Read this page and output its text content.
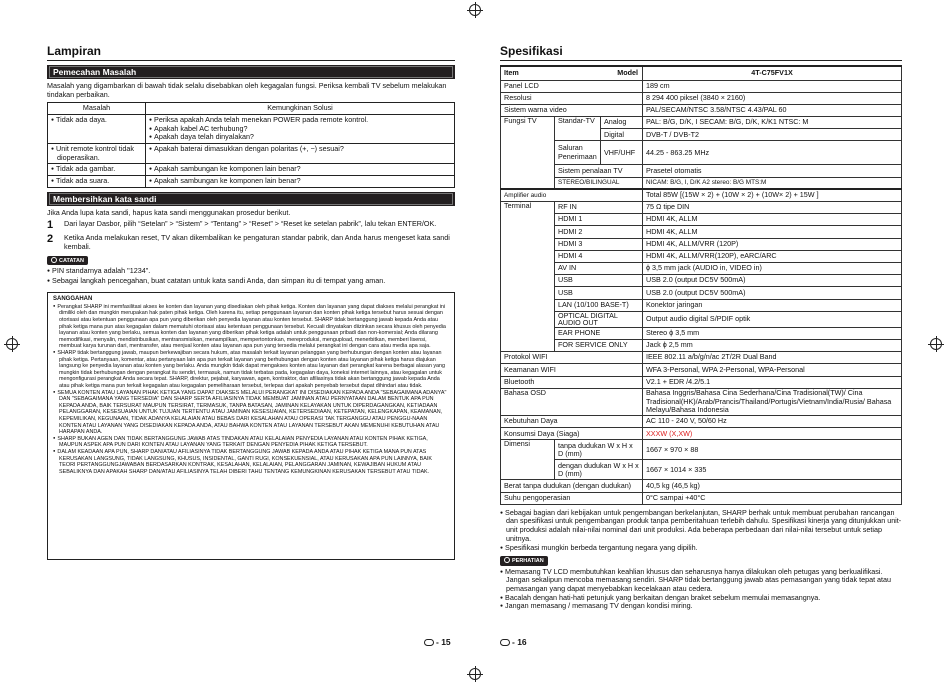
Lampiran
Pemecahan Masalah
Masalah yang digambarkan di bawah tidak selalu disebabkan oleh kegagalan fungsi. Periksa kembali TV sebelum melakukan tindakan perbaikan.
Masalah	Kemungkinan Solusi

● Tidak ada daya.	● Periksa apakah Anda telah menekan POWER pada remote kontrol.
● Apakah kabel AC terhubung?
● Apakah daya telah dinyalakan?

● Unit remote kontrol tidak dioperasikan.	● Apakah baterai dimasukkan dengan polaritas (+, −) sesuai?

● Tidak ada gambar.	● Apakah sambungan ke komponen lain benar?

● Tidak ada suara.	● Apakah sambungan ke komponen lain benar?
Membersihkan kata sandi
Jika Anda lupa kata sandi, hapus kata sandi menggunakan prosedur berikut.
1	Dari layar Dasbor, pilih “Setelan” > “Sistem” > “Tentang” > “Reset” > “Reset ke setelan pabrik”, lalu tekan ENTER/OK.
2	Ketika Anda melakukan reset, TV akan dikembalikan ke pengaturan standar pabrik, dan Anda harus mengeset kata sandi kembali.
CATATAN
● PIN standarnya adalah "1234".
● Sebagai langkah pencegahan, buat catatan untuk kata sandi Anda, dan simpan itu di tempat yang aman.
SANGGAHAN
● Perangkat SHARP ini memfasilitasi akses ke konten dan layanan yang disediakan oleh pihak ketiga. Konten dan layanan yang dapat diakses melalui perangkat ini dimiliki oleh dan mungkin merupakan hak paten pihak ketiga. Oleh karena itu, setiap penggunaan layanan dan konten pihak ketiga tersebut harus sesuai dengan otorisasi atau ketentuan penggunaan apa pun yang diberikan oleh penyedia layanan atau konten tersebut. SHARP tidak bertanggung jawab kepada Anda atau pihak ketiga mana pun atas kegagalan dalam mematuhi otorisasi atau ketentuan penggunaan tersebut. Kecuali dinyatakan diizinkan secara khusus oleh penyedia layanan atau konten yang berlaku, semua konten dan layanan yang diberikan pihak ketiga adalah untuk penggunaan pribadi dan non-komersial; Anda dilarang memodifikasi, menyalin, mendistribusikan, mentransmisikan, menampilkan, mempertontonkan, mereproduksi, mengupload, menerbitkan, memberi lisensi, membuat karya turunan dari, mentransfer, atau menjual konten atau layanan apa pun yang tersedia melalui perangkat ini dengan cara atau media apa saja.
● SHARP tidak bertanggung jawab, maupun berkewajiban secara hukum, atas masalah terkait layanan pelanggan yang berhubungan dengan konten atau layanan pihak ketiga. Pertanyaan, komentar, atau pertanyaan lain apa pun terkait layanan yang berhubungan dengan konten atau layanan pihak ketiga harus diajukan langsung ke penyedia layanan atau konten yang berlaku. Anda mungkin tidak dapat mengakses konten atau layanan dari perangkat karena berbagai alasan yang mungkin tidak berhubungan dengan perangkat itu sendiri, termasuk, namun tidak terbatas pada, kegagalan daya, koneksi internet lainnya, atau kegagalan untuk mengonfigurasi perangkat Anda secara tepat. SHARP, direktur, pejabat, karyawan, agen, kontraktor, dan afiliasinya tidak akan bertanggung jawab kepada Anda atau pihak ketiga mana pun terkait kegagalan atau kegagalan pemeliharaan tersebut, terlepas dari apakah penyebab tersebut dapat dihindari atau tidak.
● SEMUA KONTEN ATAU LAYANAN PIHAK KETIGA YANG DAPAT DIAKSES MELALUI PERANGKAT INI DISEDIAKAN KEPADA ANDA "SEBAGAIMANA ADANYA" DAN "SEBAGAIMANA YANG TERSEDIA" DAN SHARP SERTA AFILIASINYA TIDAK MEMBUAT JAMINAN ATAU PERNYATAAN DALAM BENTUK APA PUN KEPADA ANDA, BAIK TERSURAT MAUPUN TERSIRAT, TERMASUK, TANPA BATASAN, JAMINAN KELAYAKAN UNTUK DIPERDAGANGKAN, KETIADAAN PELANGGARAN, KESESUAIAN UNTUK TUJUAN TERTENTU ATAU JAMINAN KESESUAIAN, KETERSEDIAAN, KETEPATAN, KELENGKAPAN, KEAMANAN, KEPEMILIKAN, KEGUNAAN, TIDAK ADANYA KELALAIAN ATAU BEBAS DARI KESALAHAN ATAU OPERASI TAK TERGANGGU ATAU PENGGU-NAAN KONTEN ATAU LAYANAN YANG DISEDIAKAN KEPADA ANDA, ATAU BAHWA KONTEN ATAU LAYANAN TERSEBUT AKAN MEMENUHI KEBUTUHAN ATAU HARAPAN ANDA.
● SHARP BUKAN AGEN DAN TIDAK BERTANGGUNG JAWAB ATAS TINDAKAN ATAU KELALAIAN PENYEDIA LAYANAN ATAU KONTEN PIHAK KETIGA, MAUPUN ASPEK APA PUN DARI KONTEN ATAU LAYANAN YANG TERKAIT DENGAN PENYEDIA PIHAK KETIGA TERSEBUT.
● DALAM KEADAAN APA PUN, SHARP DAN/ATAU AFILIASINYA TIDAK BERTANGGUNG JAWAB KEPADA ANDA ATAU PIHAK KETIGA MANA PUN ATAS KERUSAKAN LANGSUNG, TIDAK LANGSUNG, KHUSUS, INSIDENTAL, GANTI RUGI, KONSEKUENSIAL, ATAU KERUSAKAN APA PUN LAINNYA, BAIK TEORI PERTANGGUNGJAWABAN BERDASARKAN KONTRAK, KESALAHAN, KELALAIAN, PELANGGARAN JAMINAN, KEWAJIBAN HUKUM ATAU SEBALIKNYA DAN APAKAH SHARP DAN/ATAU AFILIASINYA TELAH DIBERI TAHU TENTANG KEMUNGKINAN KERUSAKAN TERSEBUT ATAU TIDAK.
- 15
Spesifikasi
Item Model			4T-C75FV1X
Panel LCD			189 cm
Resolusi			8 294 400 piksel (3840 × 2160)
Sistem warna video			PAL/SECAM/NTSC 3.58/NTSC 4.43/PAL 60
Fungsi TV	Standar-TV	Analog	PAL: B/G, D/K, I SECAM: B/G, D/K, K/K1 NTSC: M
		Digital	DVB-T / DVB-T2
	Saluran Penerimaan	VHF/UHF	44.25 - 863.25 MHz

	Sistem penalaan TV		Prasetel otomatis
	STEREO/BILINGUAL		NICAM: B/G, I, D/K A2 stereo: B/G MTS:M
Amplifier audio			Total 85W [(15W × 2) + (10W × 2) + (10W× 2) + 15W ]
Terminal	RF IN		75 Ω tipe DIN
	HDMI 1		HDMI 4K, ALLM
	HDMI 2		HDMI 4K, ALLM
	HDMI 3		HDMI 4K, ALLM/VRR (120P)
	HDMI 4		HDMI 4K, ALLM/VRR(120P), eARC/ARC
	AV IN		ϕ 3,5 mm jack (AUDIO in, VIDEO in)
	USB		USB 2.0 (output DC5V 500mA)
	USB		USB 2.0 (output DC5V 500mA)
	LAN (10/100 BASE-T)		Konektor jaringan
	OPTICAL DIGITAL AUDIO OUT		Output audio digital S/PDIF optik
	EAR PHONE		Stereo ϕ 3,5 mm
	FOR SERVICE ONLY		Jack ϕ 2,5 mm
Protokol WIFI			IEEE 802.11 a/b/g/n/ac 2T/2R Dual Band
Keamanan WIFI			WFA 3-Personal, WPA 2-Personal, WPA-Personal
Bluetooth			V2.1 + EDR /4.2/5.1
Bahasa OSD			Bahasa Inggris/Bahasa Cina Sederhana/Cina Tradisional(TW)/ Cina Tradisional(HK)/Arab/Prancis/Thailand/Portugis/Vietnam/India/Rusia/ Bahasa Melayu/Bahasa Indonesia
Kebutuhan Daya			AC 110 - 240 V, 50/60 Hz
Konsumsi Daya (Siaga)			XXXW (X,XW)
Dimensi	tanpa dudukan W x H x D (mm)		1667 × 970 × 88
	dengan dudukan W x H x D (mm)		1667 × 1014 × 335
Berat tanpa dudukan (dengan dudukan)			40,5 kg (46,5 kg)
Suhu pengoperasian			0°C sampai +40°C
● Sebagai bagian dari kebijakan untuk pengembangan berkelanjutan, SHARP berhak untuk membuat perubahan rancangan dan spesifikasi untuk pengembangan produk tanpa pemberitahuan terlebih dahulu. Spesifikasi kinerja yang ditunjukkan unit-unit produksi adalah nilai-nilai nominal dari unit produksi. Ada beberapa perbedaan dari nilai-nilai tersebut untuk setiap unitnya.
● Spesifikasi mungkin berbeda tergantung negara yang dipilih.
PERHATIAN
● Memasang TV LCD membutuhkan keahlian khusus dan seharusnya hanya dilakukan oleh petugas yang berkualifikasi. Jangan sekalipun mencoba memasang sendiri. SHARP tidak bertanggung jawab atas pemasangan yang tidak tepat atau pemasangan yang dapat menyebabkan kecelakaan atau cedera.
● Bacalah dengan hati-hati petunjuk yang berkaitan dengan braket sebelum memulai memasangnya.
● Jangan memasang / memasang TV dengan kondisi miring.
- 16
